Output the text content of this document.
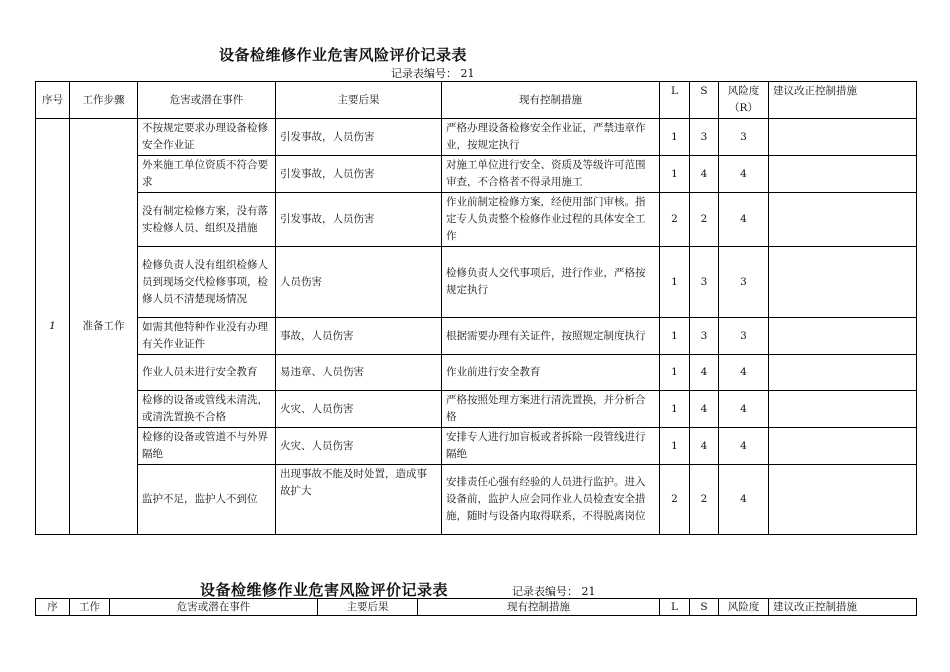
设备检维修作业危害风险评价记录表
记录表编号： 21
序号	工作步骤	危害或潜在事件	主要后果	现有控制措施	L	S	风险度（R）	建议改正控制措施
1	准备工作	不按规定要求办理设备检修安全作业证	引发事故，人员伤害	严格办理设备检修安全作业证，严禁违章作业，按规定执行	1	3	3	
		外来施工单位资质不符合要求	引发事故，人员伤害	对施工单位进行安全、资质及等级许可范围审查，不合格者不得录用施工	1	4	4	
		没有制定检修方案，没有落实检修人员、组织及措施	引发事故，人员伤害	作业前制定检修方案，经使用部门审核。指定专人负责整个检修作业过程的具体安全工作	2	2	4	
		检修负责人没有组织检修人员到现场交代检修事项，检修人员不清楚现场情况	人员伤害	检修负责人交代事项后，进行作业，严格按规定执行	1	3	3	
		如需其他特种作业没有办理有关作业证件	事故，人员伤害	根据需要办理有关证件，按照规定制度执行	1	3	3	
		作业人员未进行安全教育	易违章、人员伤害	作业前进行安全教育	1	4	4	
		检修的设备或管线未清洗，或清洗置换不合格	火灾、人员伤害	严格按照处理方案进行清洗置换，并分析合格	1	4	4	
		检修的设备或管道不与外界隔绝	火灾、人员伤害	安排专人进行加盲板或者拆除一段管线进行隔绝	1	4	4	
		监护不足，监护人不到位	出现事故不能及时处置，造成事故扩大	安排责任心强有经验的人员进行监护。进入设备前，监护人应会同作业人员检查安全措施，随时与设备内取得联系，不得脱离岗位	2	2	4	
设备检维修作业危害风险评价记录表	记录表编号： 21
序	工作	危害或潜在事件	主要后果	现有控制措施	L	S	风险度	建议改正控制措施
